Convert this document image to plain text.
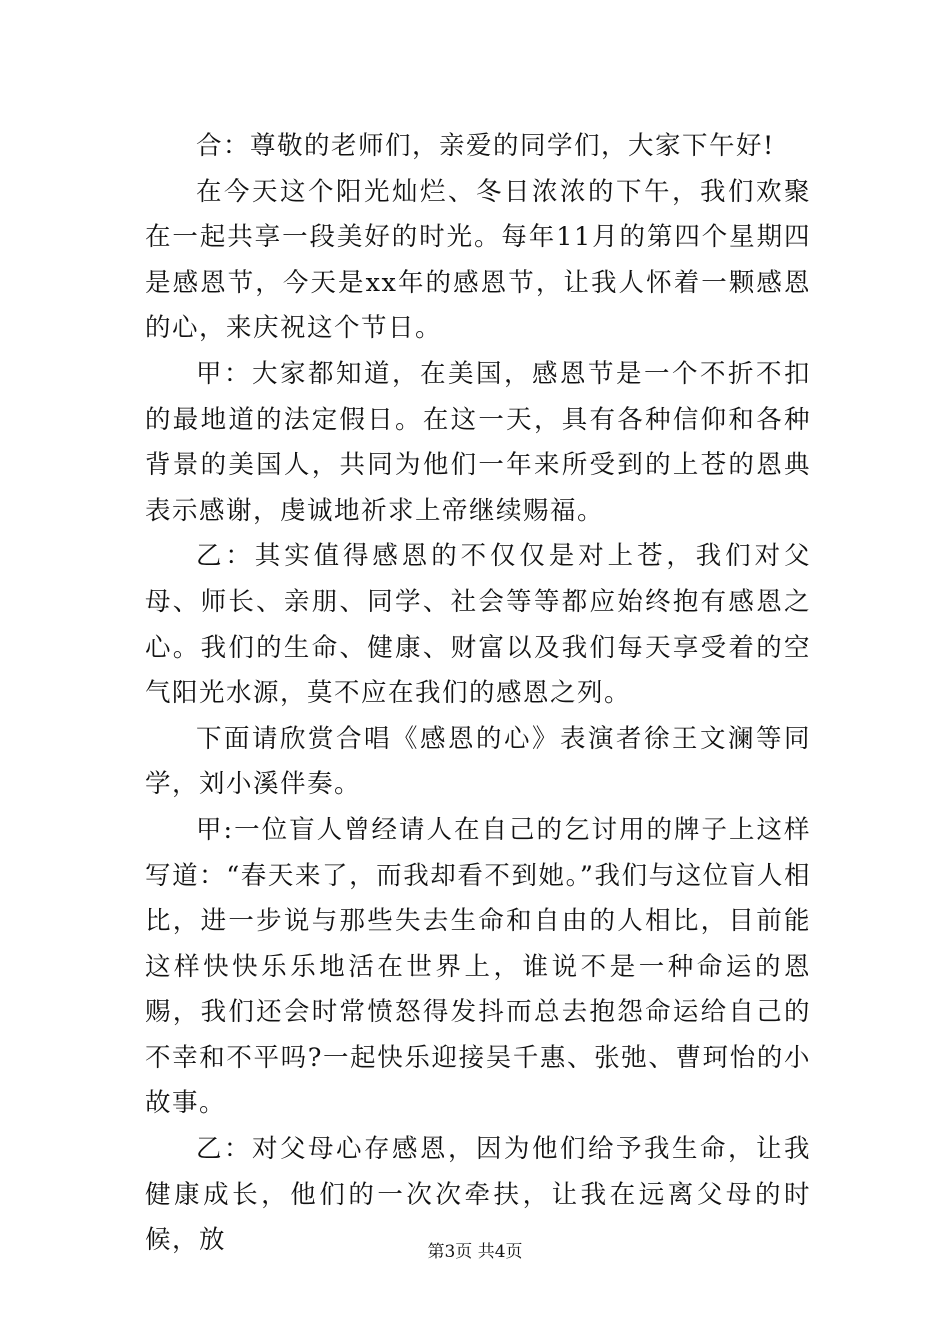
合：尊敬的老师们，亲爱的同学们，大家下午好!

在今天这个阳光灿烂、冬日浓浓的下午，我们欢聚在一起共享一段美好的时光。每年11月的第四个星期四是感恩节，今天是xx年的感恩节，让我人怀着一颗感恩的心，来庆祝这个节日。

甲：大家都知道，在美国，感恩节是一个不折不扣的最地道的法定假日。在这一天，具有各种信仰和各种背景的美国人，共同为他们一年来所受到的上苍的恩典表示感谢，虔诚地祈求上帝继续赐福。

乙：其实值得感恩的不仅仅是对上苍，我们对父母、师长、亲朋、同学、社会等等都应始终抱有感恩之心。我们的生命、健康、财富以及我们每天享受着的空气阳光水源，莫不应在我们的感恩之列。

下面请欣赏合唱《感恩的心》表演者徐王文澜等同学，刘小溪伴奏。

甲:一位盲人曾经请人在自己的乞讨用的牌子上这样写道：“春天来了，而我却看不到她。”我们与这位盲人相比，进一步说与那些失去生命和自由的人相比，目前能这样快快乐乐地活在世界上，谁说不是一种命运的恩赐，我们还会时常愤怒得发抖而总去抱怨命运给自己的不幸和不平吗?一起快乐迎接吴千惠、张弛、曹珂怡的小故事。

乙：对父母心存感恩，因为他们给予我生命，让我健康成长，他们的一次次牵扶，让我在远离父母的时候，放	第3页 共4页
